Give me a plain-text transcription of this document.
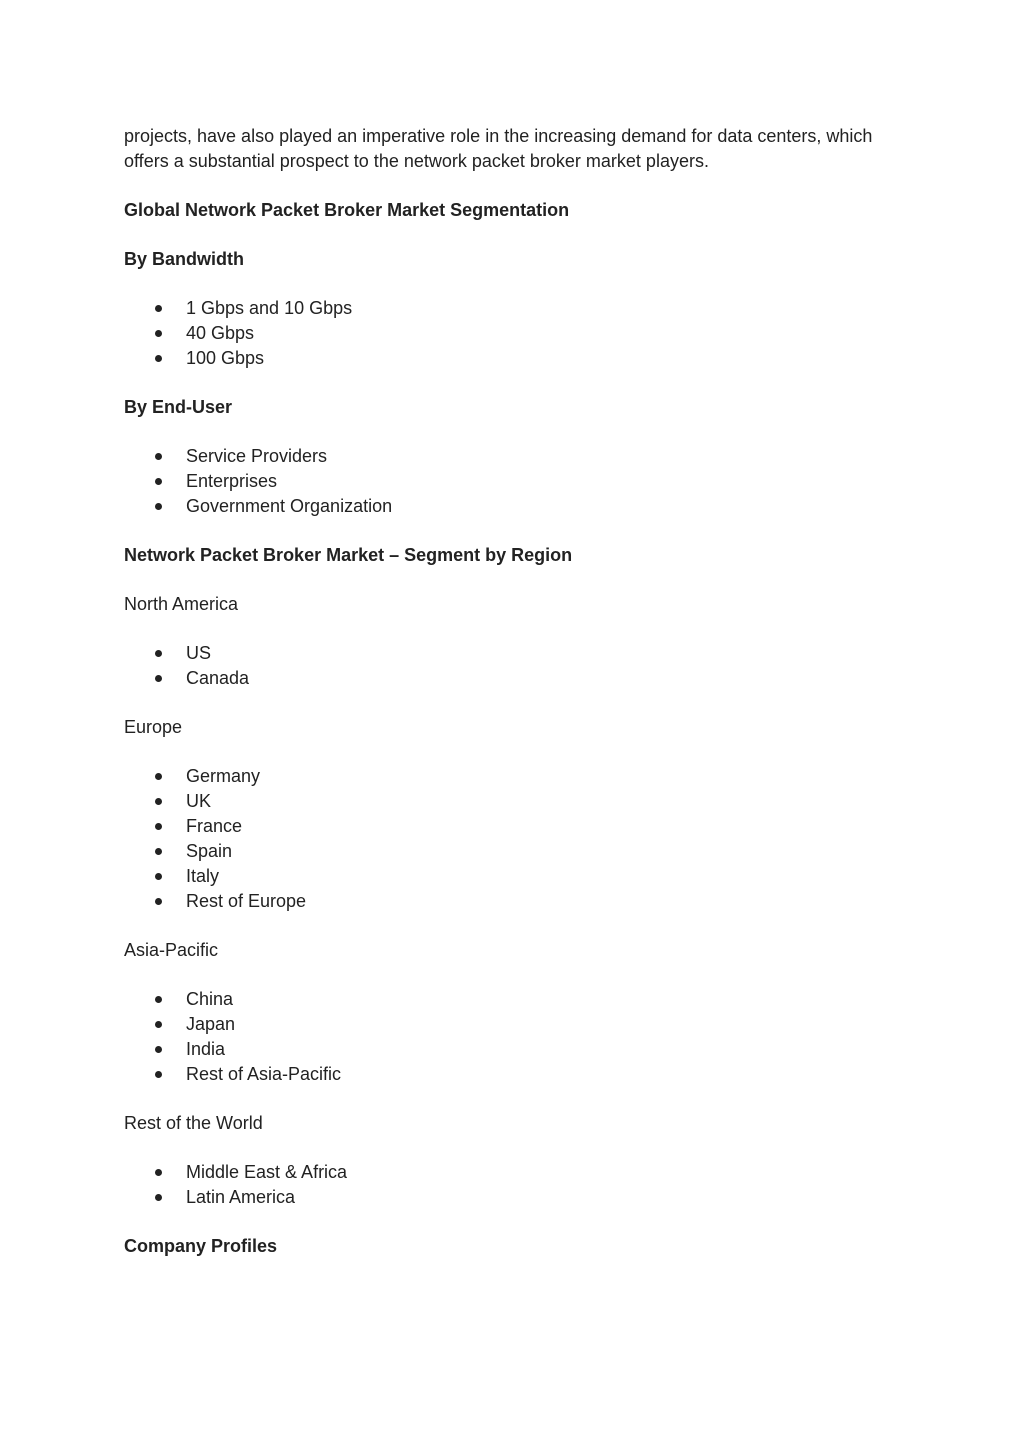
projects, have also played an imperative role in the increasing demand for data centers, which offers a substantial prospect to the network packet broker market players.

Global Network Packet Broker Market Segmentation

By Bandwidth

1 Gbps and 10 Gbps
40 Gbps
100 Gbps

By End-User

Service Providers
Enterprises
Government Organization

Network Packet Broker Market – Segment by Region

North America

US
Canada

Europe

Germany
UK
France
Spain
Italy
Rest of Europe

Asia-Pacific

China
Japan
India
Rest of Asia-Pacific

Rest of the World

Middle East & Africa
Latin America

Company Profiles
